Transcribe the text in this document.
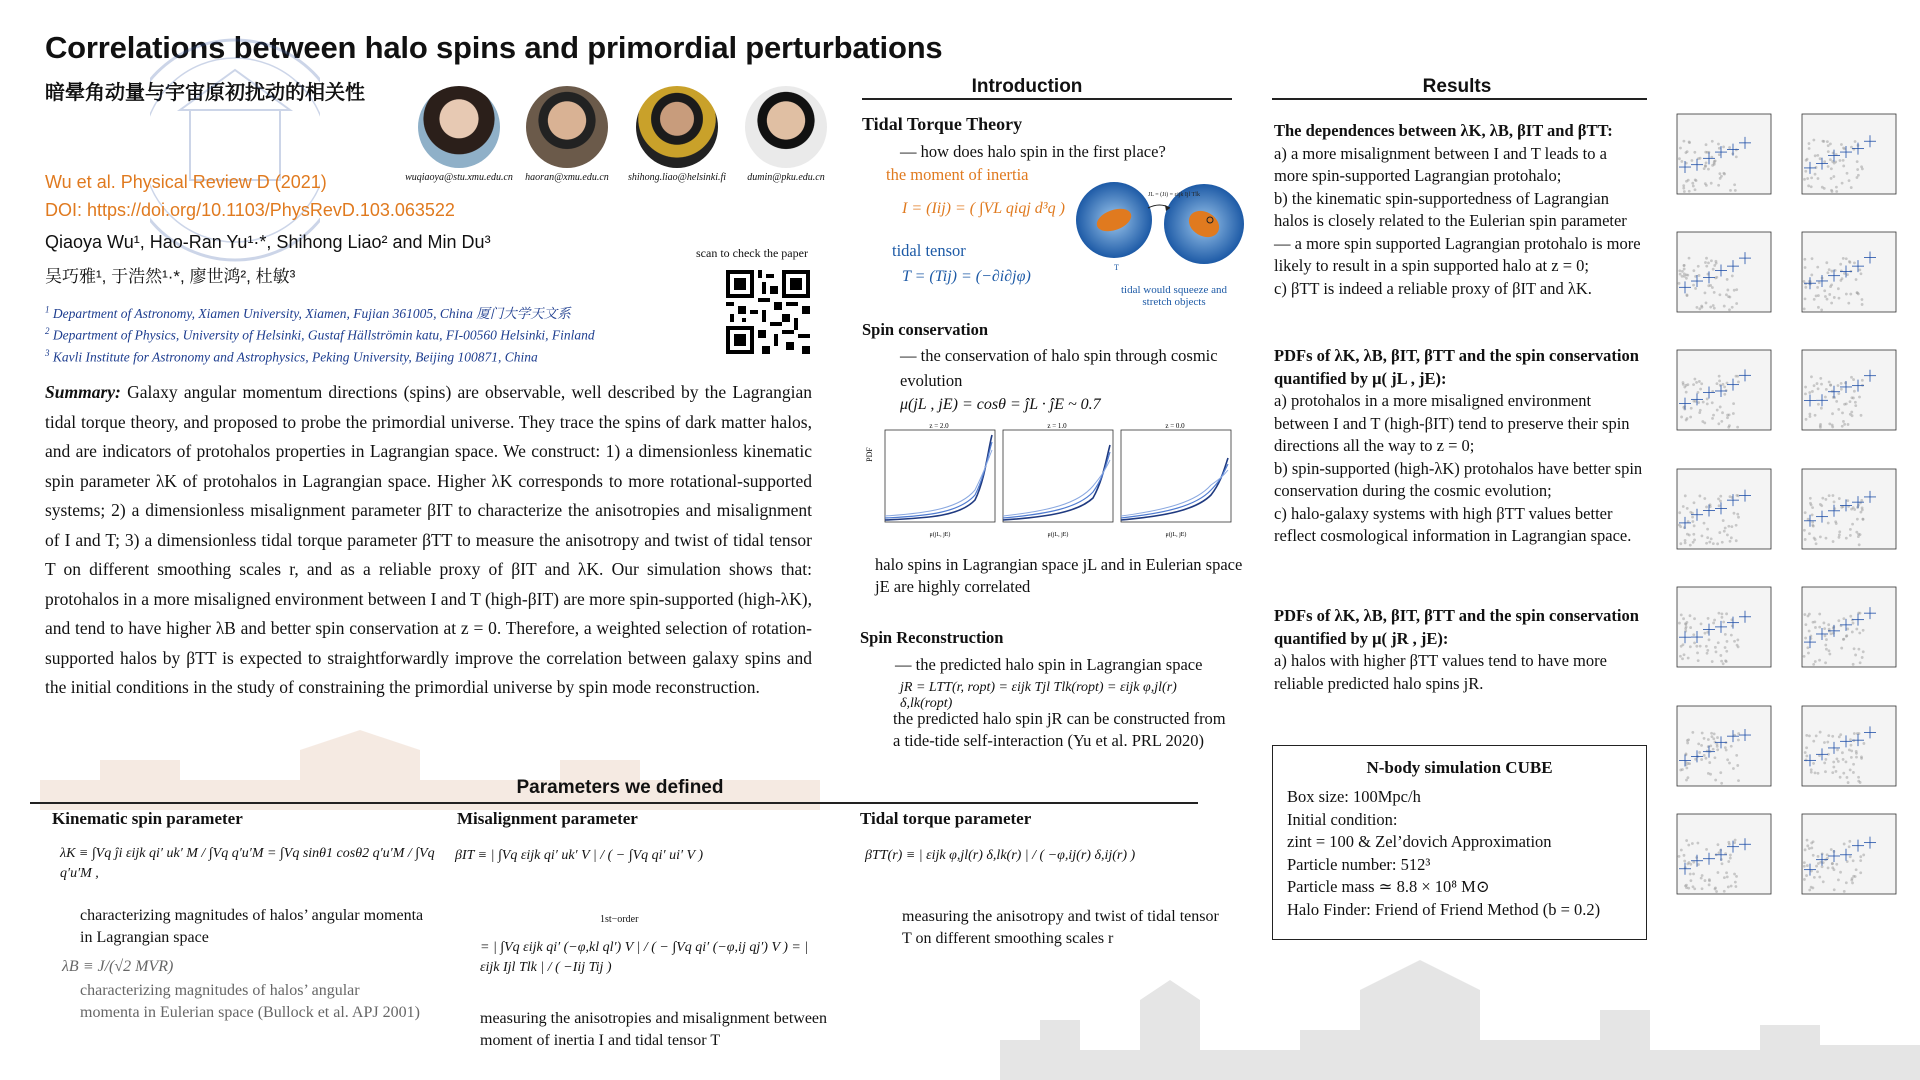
Correlations between halo spins and primordial perturbations
暗晕角动量与宇宙原初扰动的相关性
wuqiaoya@stu.xmu.edu.cn	haoran@xmu.edu.cn	shihong.liao@helsinki.fi	dumin@pku.edu.cn
Wu et al. Physical Review D (2021)
DOI: https://doi.org/10.1103/PhysRevD.103.063522
Qiaoya Wu¹, Hao-Ran Yu¹·*, Shihong Liao² and Min Du³
吴巧雅¹, 于浩然¹·*, 廖世鸿², 杜敏³
scan to check the paper
$^1$ Department of Astronomy, Xiamen University, Xiamen, Fujian 361005, China 厦门大学天文系
$^2$ Department of Physics, University of Helsinki, Gustaf Hällströmin katu, FI-00560 Helsinki, Finland
$^3$ Kavli Institute for Astronomy and Astrophysics, Peking University, Beijing 100871, China
Summary: Galaxy angular momentum directions (spins) are observable, well described by the Lagrangian tidal torque theory, and proposed to probe the primordial universe. They trace the spins of dark matter halos, and are indicators of protohalos properties in Lagrangian space. We construct: 1) a dimensionless kinematic spin parameter λK of protohalos in Lagrangian space. Higher λK corresponds to more rotational-supported systems; 2) a dimensionless misalignment parameter βIT to characterize the anisotropies and misalignment of I and T; 3) a dimensionless tidal torque parameter βTT to measure the anisotropy and twist of tidal tensor T on different smoothing scales r, and as a reliable proxy of βIT and λK. Our simulation shows that: protohalos in a more misaligned environment between I and T (high-βIT) are more spin-supported (high-λK), and tend to have higher λB and better spin conservation at z = 0. Therefore, a weighted selection of rotation-supported halos by βTT is expected to straightforwardly improve the correlation between galaxy spins and the initial conditions in the study of constraining the primordial universe by spin mode reconstruction.
Parameters we defined
Kinematic spin parameter
λK ≡ ∫Vq ĵi εijk qi′ uk′ M / ∫Vq q′u′M = ∫Vq sinθ1 cosθ2 q′u′M / ∫Vq q′u′M ,
characterizing magnitudes of halos’ angular momenta in Lagrangian space
λB ≡ J/(√2 MVR)
characterizing magnitudes of halos’ angular momenta in Eulerian space (Bullock et al. APJ 2001)
Misalignment parameter
βIT ≡ | ∫Vq εijk qi′ uk′ V | / ( − ∫Vq qi′ ui′ V )
1st−order
= | ∫Vq εijk qi′ (−φ,kl ql′) V | / ( − ∫Vq qi′ (−φ,ij qj′) V ) = | εijk Ijl Tlk | / ( −Iij Tij )
measuring the anisotropies and misalignment between moment of inertia I and tidal tensor T
Tidal torque parameter
βTT(r) ≡ | εijk φ,jl(r) δ,lk(r) | / ( −φ,ij(r) δ,ij(r) )
measuring the anisotropy and twist of tidal tensor T on different smoothing scales r
Introduction
Tidal Torque Theory
— how does halo spin in the first place?
the moment of inertia
I = (Iij) = ( ∫VL qiqj d³q )
tidal tensor
T = (Tij) = (−∂i∂jφ)
T
JL = (Ji) = εijk Ijl Tlk
tidal would squeeze and stretch objects
Spin conservation
— the conservation of halo spin through cosmic evolution
μ(jL , jE) = cosθ = ĵL · ĵE ~ 0.7
PDF
z = 2.0
μ(jL, jE)
z = 1.0
μ(jL, jE)
z = 0.0
μ(jL, jE)
halo spins in Lagrangian space jL and in Eulerian space jE are highly correlated
Spin Reconstruction
— the predicted halo spin in Lagrangian space
jR = LTT(r, ropt) = εijk Tjl Tlk(ropt) = εijk φ,jl(r) δ,lk(ropt)
the predicted halo spin jR can be constructed from a tide-tide self-interaction (Yu et al. PRL 2020)
Results
The dependences between λK, λB, βIT and βTT:
a) a more misalignment between I and T leads to a more spin-supported Lagrangian protohalo;
b) the kinematic spin-supportedness of Lagrangian halos is closely related to the Eulerian spin parameter — a more spin supported Lagrangian protohalo is more likely to result in a spin supported halo at z = 0;
c) βTT is indeed a reliable proxy of βIT and λK.
PDFs of λK, λB, βIT, βTT and the spin conservation quantified by μ( jL , jE):
a) protohalos in a more misaligned environment between I and T (high-βIT) tend to preserve their spin directions all the way to z = 0;
b) spin-supported (high-λK) protohalos have better spin conservation during the cosmic evolution;
c) halo-galaxy systems with high βTT values better reflect cosmological information in Lagrangian space.
PDFs of λK, λB, βIT, βTT and the spin conservation quantified by μ( jR , jE):
a) halos with higher βTT values tend to have more reliable predicted halo spins jR.
N-body simulation CUBE
Box size: 100Mpc/h
Initial condition:
zint = 100 & Zel’dovich Approximation
Particle number: 512³
Particle mass ≃ 8.8 × 10⁸ M⊙
Halo Finder: Friend of Friend Method (b = 0.2)
